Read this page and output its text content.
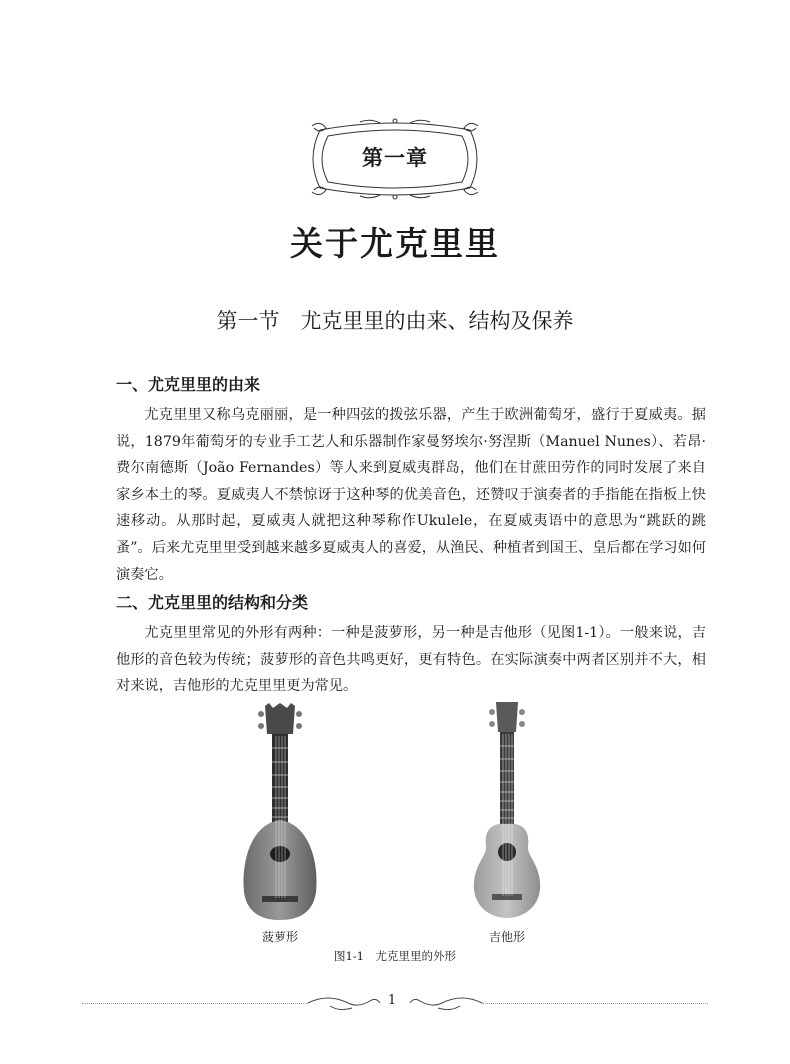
第一章
关于尤克里里
第一节　尤克里里的由来、结构及保养
一、尤克里里的由来
尤克里里又称乌克丽丽，是一种四弦的拨弦乐器，产生于欧洲葡萄牙，盛行于夏威夷。据说，1879年葡萄牙的专业手工艺人和乐器制作家曼努埃尔·努涅斯（Manuel Nunes）、若昂·费尔南德斯（João Fernandes）等人来到夏威夷群岛，他们在甘蔗田劳作的同时发展了来自家乡本土的琴。夏威夷人不禁惊讶于这种琴的优美音色，还赞叹于演奏者的手指能在指板上快速移动。从那时起，夏威夷人就把这种琴称作Ukulele，在夏威夷语中的意思为“跳跃的跳蚤”。后来尤克里里受到越来越多夏威夷人的喜爱，从渔民、种植者到国王、皇后都在学习如何演奏它。
二、尤克里里的结构和分类
尤克里里常见的外形有两种：一种是菠萝形，另一种是吉他形（见图1-1）。一般来说，吉他形的音色较为传统；菠萝形的音色共鸣更好，更有特色。在实际演奏中两者区别并不大，相对来说，吉他形的尤克里里更为常见。
菠萝形	吉他形
图1-1　尤克里里的外形
1
